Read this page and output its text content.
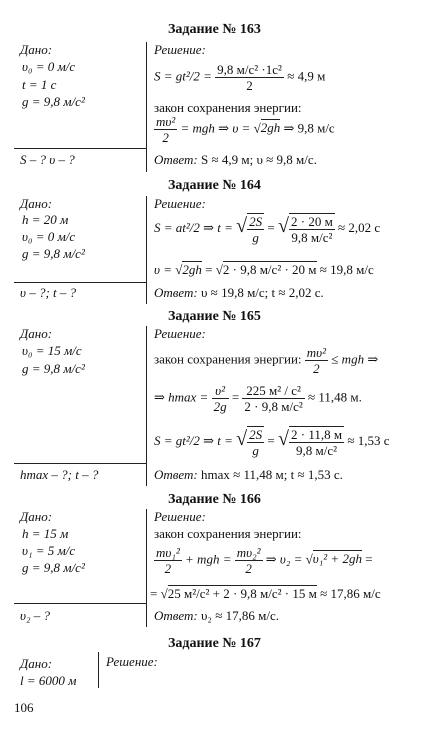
Задание № 163
Дано:
υ₀ = 0 м/с
t = 1 с
g = 9,8 м/с²
S – ? υ – ?
Решение:
$S = gt^2/2 = \frac{\text{9,8 м/с² ·1с²}}{2} \approx 4,9$ м
закон сохранения энергии:
$\frac{\text{mυ²}}{2}$ = mgh ⇒ υ = √2gh ⇒ 9,8 м/с
Ответ: S ≈ 4,9 м; υ ≈ 9,8 м/с.
Задание № 164
Дано:
h = 20 м
υ₀ = 0 м/с
g = 9,8 м/с²
υ – ?; t – ?
Решение:
S = at²/2 ⇒ t = √ $\frac{2S}{g}$ = √ $\frac{2 \cdot 20 м}{\text{9,8 м/с²}} \approx 2,02$ с
υ = √2gh = √2 · 9,8 м/с² · 20 м ≈ 19,8 м/с
Ответ: υ ≈ 19,8 м/с; t ≈ 2,02 с.
Задание № 165
Дано:
υ₀ = 15 м/с
g = 9,8 м/с²
hmax – ?; t – ?
Решение:
закон сохранения энергии: $\frac{\text{mυ²}}{2}$ ≤ mgh ⇒
⇒ $hmax = \frac{\text{υ²}}{2g} = \frac{\text{225 м² / с²}}{\text{2 · 9,8 м/с²}} \approx 11,48$ м.
S = gt²/2 ⇒ t = √ $\frac{2S}{g}$ = √ $\frac{2 \cdot 11,8 м}{\text{9,8 м/с²}} \approx 1,53$ с
Ответ: hmax ≈ 11,48 м; t ≈ 1,53 с.
Задание № 166
Дано:
h = 15 м
υ₁ = 5 м/с
g = 9,8 м/с²
υ₂ – ?
Решение:
закон сохранения энергии:
$\frac{\text{mυ₁²}}{2}$ + mgh = $\frac{\text{mυ₂²}}{2}$ ⇒ υ₂ = √υ₁² + 2gh =
= √25 м²/с² + 2 · 9,8 м/с² · 15 м ≈ 17,86 м/с
Ответ: υ₂ ≈ 17,86 м/с.
Задание № 167
Дано:
l = 6000 м
Решение:
106
